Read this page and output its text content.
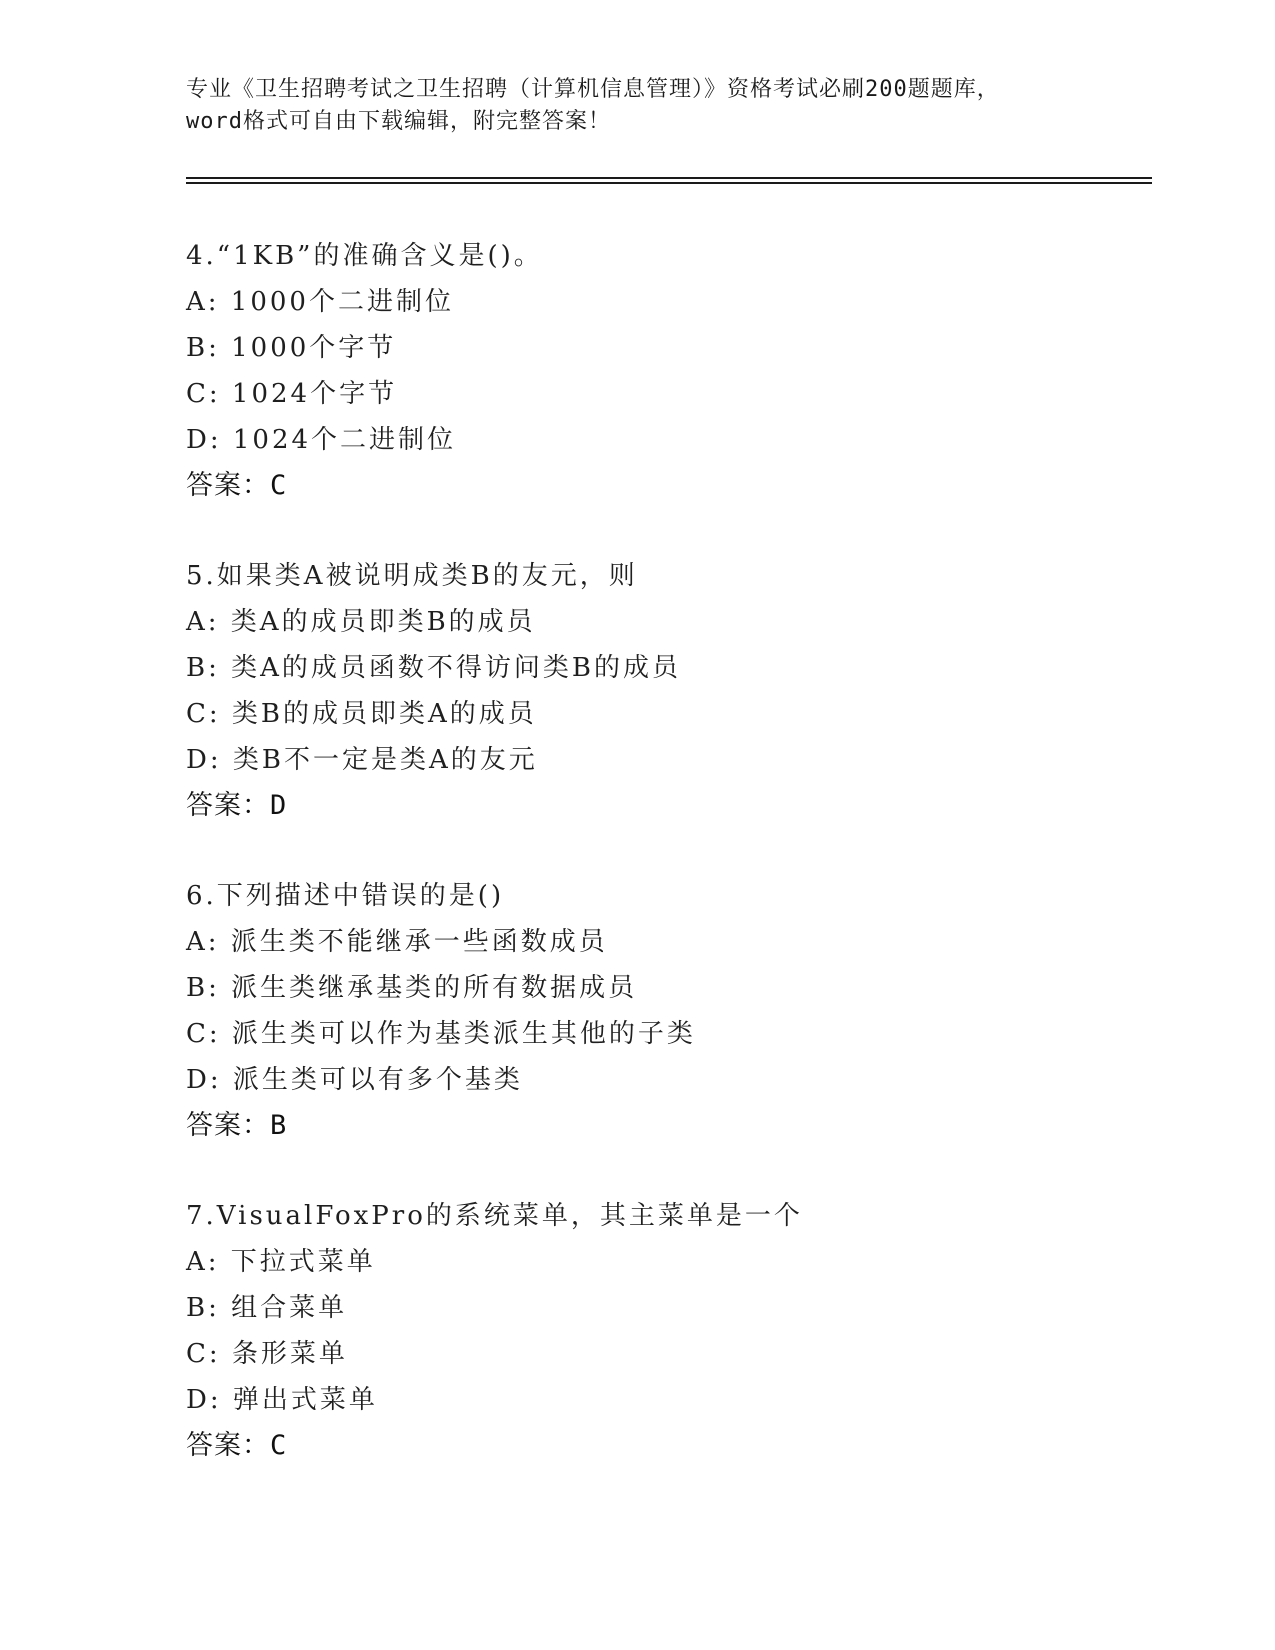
专业《卫生招聘考试之卫生招聘（计算机信息管理）》资格考试必刷200题题库，
word格式可自由下载编辑，附完整答案！
4.“1KB”的准确含义是()。
A: 1000个二进制位
B: 1000个字节
C: 1024个字节
D: 1024个二进制位
答案：C
5.如果类A被说明成类B的友元，则
A: 类A的成员即类B的成员
B: 类A的成员函数不得访问类B的成员
C: 类B的成员即类A的成员
D: 类B不一定是类A的友元
答案：D
6.下列描述中错误的是()
A: 派生类不能继承一些函数成员
B: 派生类继承基类的所有数据成员
C: 派生类可以作为基类派生其他的子类
D: 派生类可以有多个基类
答案：B
7.VisualFoxPro的系统菜单，其主菜单是一个
A: 下拉式菜单
B: 组合菜单
C: 条形菜单
D: 弹出式菜单
答案：C
